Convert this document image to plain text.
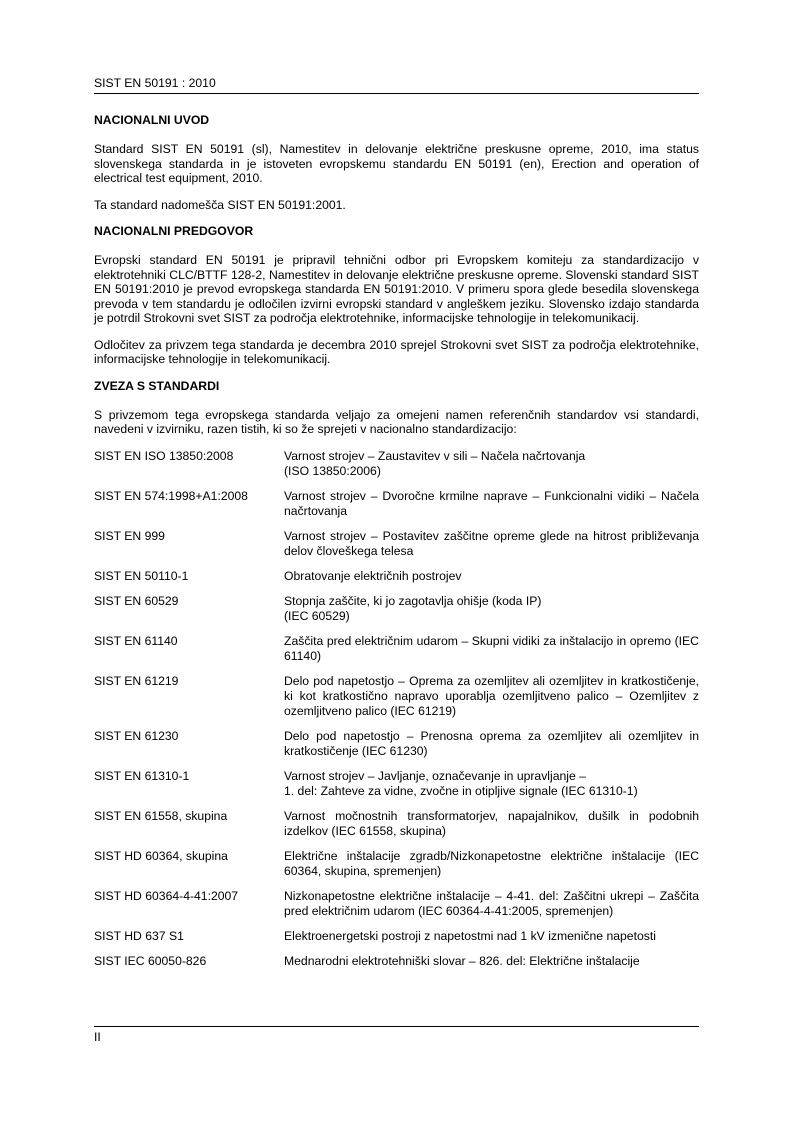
SIST EN 50191 : 2010
NACIONALNI UVOD

Standard SIST EN 50191 (sl), Namestitev in delovanje električne preskusne opreme, 2010, ima status slovenskega standarda in je istoveten evropskemu standardu EN 50191 (en), Erection and operation of electrical test equipment, 2010.

Ta standard nadomešča SIST EN 50191:2001.

NACIONALNI PREDGOVOR

Evropski standard EN 50191 je pripravil tehnični odbor pri Evropskem komiteju za standardizacijo v elektrotehniki CLC/BTTF 128-2, Namestitev in delovanje električne preskusne opreme. Slovenski standard SIST EN 50191:2010 je prevod evropskega standarda EN 50191:2010. V primeru spora glede besedila slovenskega prevoda v tem standardu je odločilen izvirni evropski standard v angleškem jeziku. Slovensko izdajo standarda je potrdil Strokovni svet SIST za področja elektrotehnike, informacijske tehnologije in telekomunikacij.

Odločitev za privzem tega standarda je decembra 2010 sprejel Strokovni svet SIST za področja elektrotehnike, informacijske tehnologije in telekomunikacij.

ZVEZA S STANDARDI

S privzemom tega evropskega standarda veljajo za omejeni namen referenčnih standardov vsi standardi, navedeni v izvirniku, razen tistih, ki so že sprejeti v nacionalno standardizacijo:

SIST EN ISO 13850:2008	Varnost strojev – Zaustavitev v sili – Načela načrtovanja
(ISO 13850:2006)

SIST EN 574:1998+A1:2008	Varnost strojev – Dvoročne krmilne naprave – Funkcionalni vidiki – Načela načrtovanja

SIST EN 999	Varnost strojev – Postavitev zaščitne opreme glede na hitrost približevanja delov človeškega telesa

SIST EN 50110-1	Obratovanje električnih postrojev

SIST EN 60529	Stopnja zaščite, ki jo zagotavlja ohišje (koda IP)
(IEC 60529)

SIST EN 61140	Zaščita pred električnim udarom – Skupni vidiki za inštalacijo in opremo (IEC 61140)

SIST EN 61219	Delo pod napetostjo – Oprema za ozemljitev ali ozemljitev in kratkostičenje, ki kot kratkostično napravo uporablja ozemljitveno palico – Ozemljitev z ozemljitveno palico (IEC 61219)

SIST EN 61230	Delo pod napetostjo – Prenosna oprema za ozemljitev ali ozemljitev in kratkostičenje (IEC 61230)

SIST EN 61310-1	Varnost strojev – Javljanje, označevanje in upravljanje –
1. del: Zahteve za vidne, zvočne in otipljive signale (IEC 61310-1)

SIST EN 61558, skupina	Varnost močnostnih transformatorjev, napajalnikov, dušilk in podobnih izdelkov (IEC 61558, skupina)

SIST HD 60364, skupina	Električne inštalacije zgradb/Nizkonapetostne električne inštalacije (IEC 60364, skupina, spremenjen)

SIST HD 60364-4-41:2007	Nizkonapetostne električne inštalacije – 4-41. del: Zaščitni ukrepi – Zaščita pred električnim udarom (IEC 60364-4-41:2005, spremenjen)

SIST HD 637 S1	Elektroenergetski postroji z napetostmi nad 1 kV izmenične napetosti

SIST IEC 60050-826	Mednarodni elektrotehniški slovar – 826. del: Električne inštalacije
II
